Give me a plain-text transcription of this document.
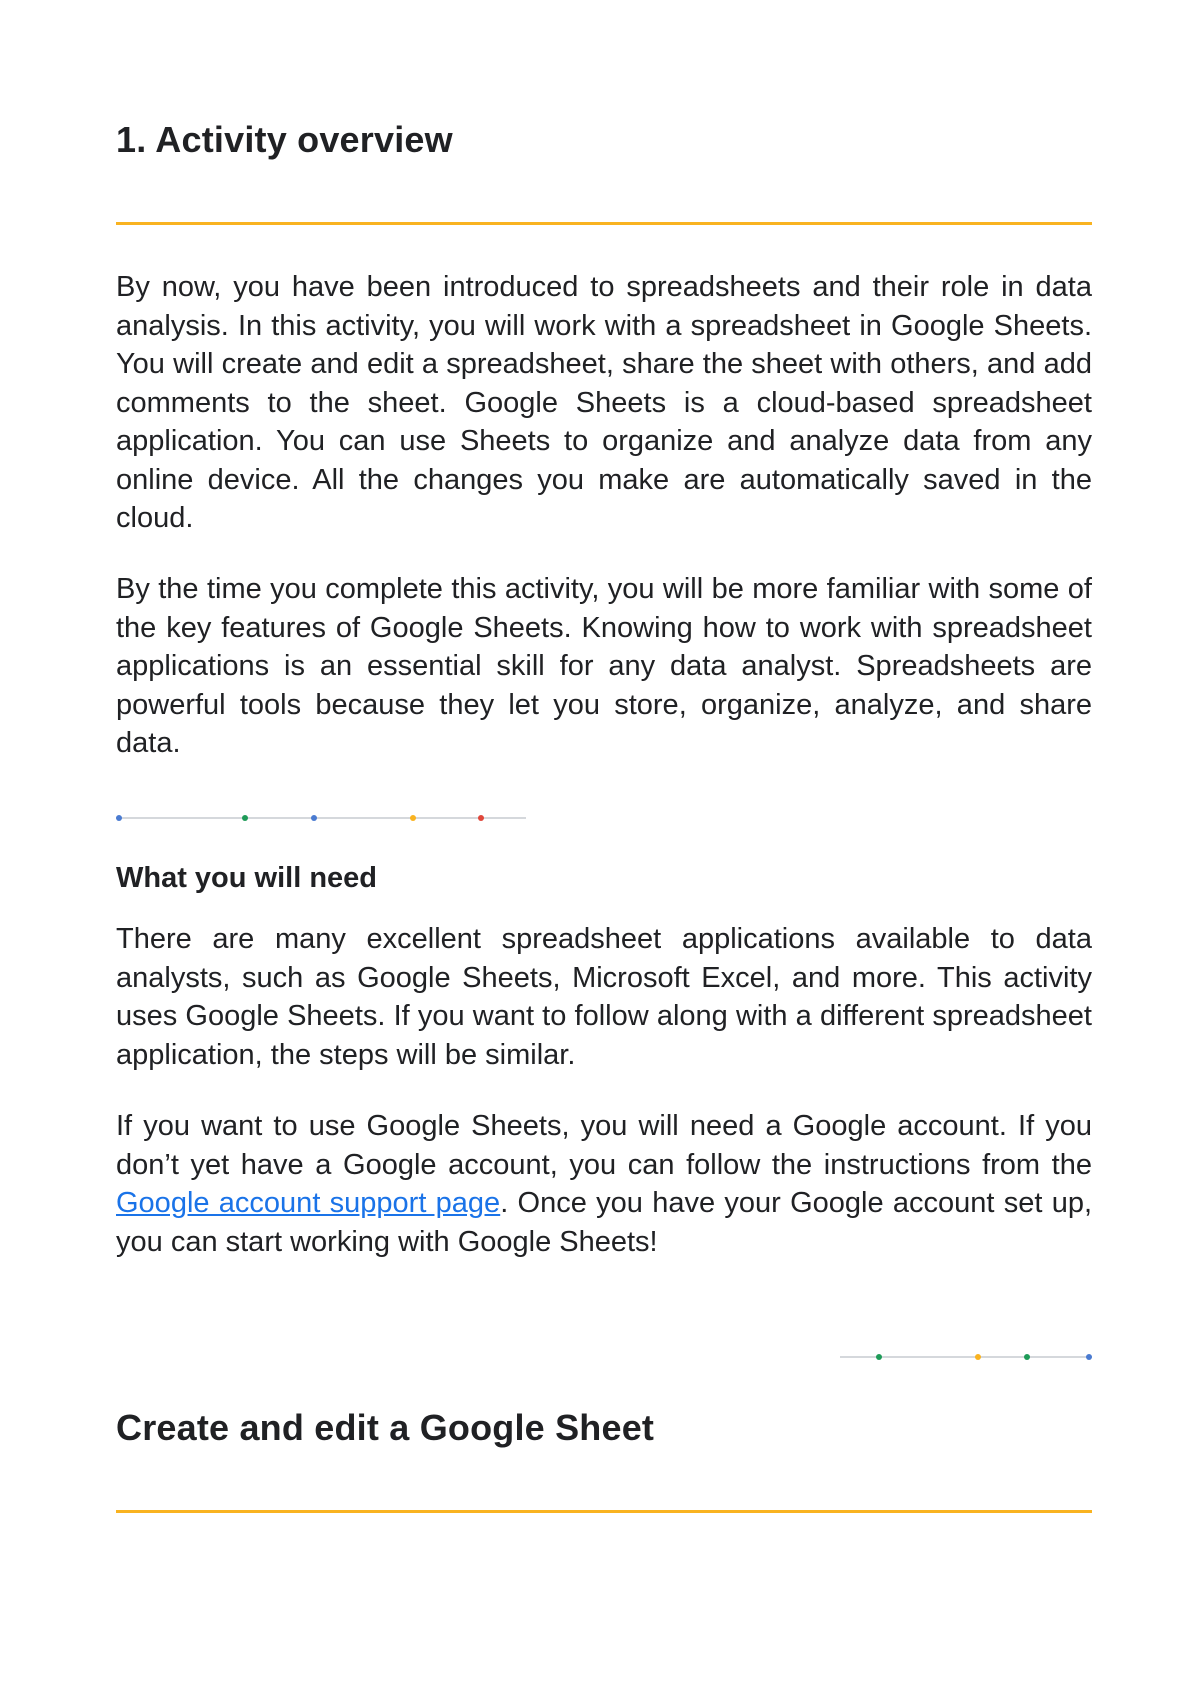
1. Activity overview

By now, you have been introduced to spreadsheets and their role in data analysis. In this activity, you will work with a spreadsheet in Google Sheets. You will create and edit a spreadsheet, share the sheet with others, and add comments to the sheet. Google Sheets is a cloud-based spreadsheet application. You can use Sheets to organize and analyze data from any online device. All the changes you make are automatically saved in the cloud.

By the time you complete this activity, you will be more familiar with some of the key features of Google Sheets. Knowing how to work with spreadsheet applications is an essential skill for any data analyst. Spreadsheets are powerful tools because they let you store, organize, analyze, and share data.

What you will need

There are many excellent spreadsheet applications available to data analysts, such as Google Sheets, Microsoft Excel, and more. This activity uses Google Sheets. If you want to follow along with a different spreadsheet application, the steps will be similar.

If you want to use Google Sheets, you will need a Google account. If you don’t yet have a Google account, you can follow the instructions from the Google account support page. Once you have your Google account set up, you can start working with Google Sheets!

Create and edit a Google Sheet
